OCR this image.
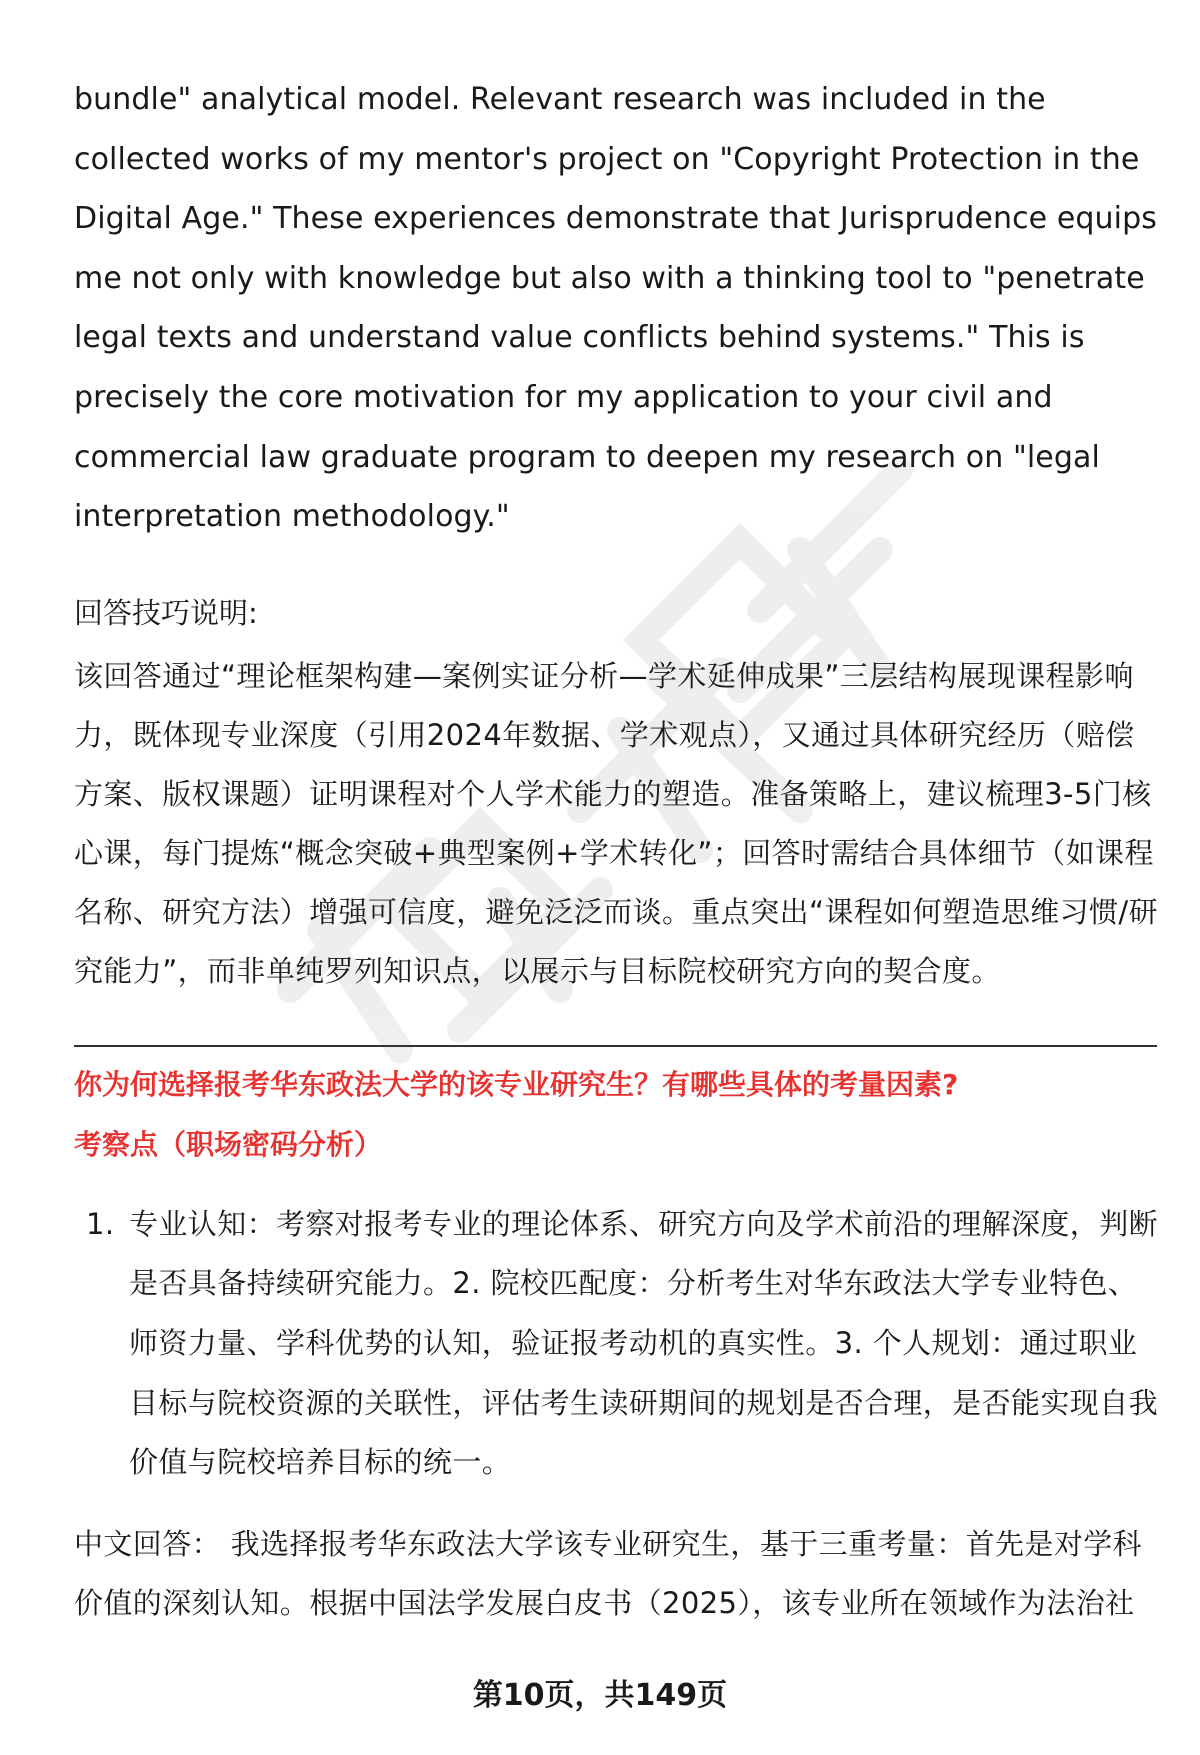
bundle" analytical model. Relevant research was included in the collected works of my mentor's project on "Copyright Protection in the Digital Age." These experiences demonstrate that Jurisprudence equips me not only with knowledge but also with a thinking tool to "penetrate legal texts and understand value conflicts behind systems." This is precisely the core motivation for my application to your civil and commercial law graduate program to deepen my research on "legal interpretation methodology."

回答技巧说明:

该回答通过“理论框架构建—案例实证分析—学术延伸成果”三层结构展现课程影响力，既体现专业深度（引用2024年数据、学术观点），又通过具体研究经历（赔偿方案、版权课题）证明课程对个人学术能力的塑造。准备策略上，建议梳理3-5门核心课，每门提炼“概念突破+典型案例+学术转化”；回答时需结合具体细节（如课程名称、研究方法）增强可信度，避免泛泛而谈。重点突出“课程如何塑造思维习惯/研究能力”，而非单纯罗列知识点，以展示与目标院校研究方向的契合度。

你为何选择报考华东政法大学的该专业研究生？有哪些具体的考量因素?

考察点（职场密码分析）

1. 专业认知：考察对报考专业的理论体系、研究方向及学术前沿的理解深度，判断是否具备持续研究能力。2. 院校匹配度：分析考生对华东政法大学专业特色、师资力量、学科优势的认知，验证报考动机的真实性。3. 个人规划：通过职业目标与院校资源的关联性，评估考生读研期间的规划是否合理，是否能实现自我价值与院校培养目标的统一。

中文回答： 我选择报考华东政法大学该专业研究生，基于三重考量：首先是对学科价值的深刻认知。根据中国法学发展白皮书（2025），该专业所在领域作为法治社

第10页，共149页
